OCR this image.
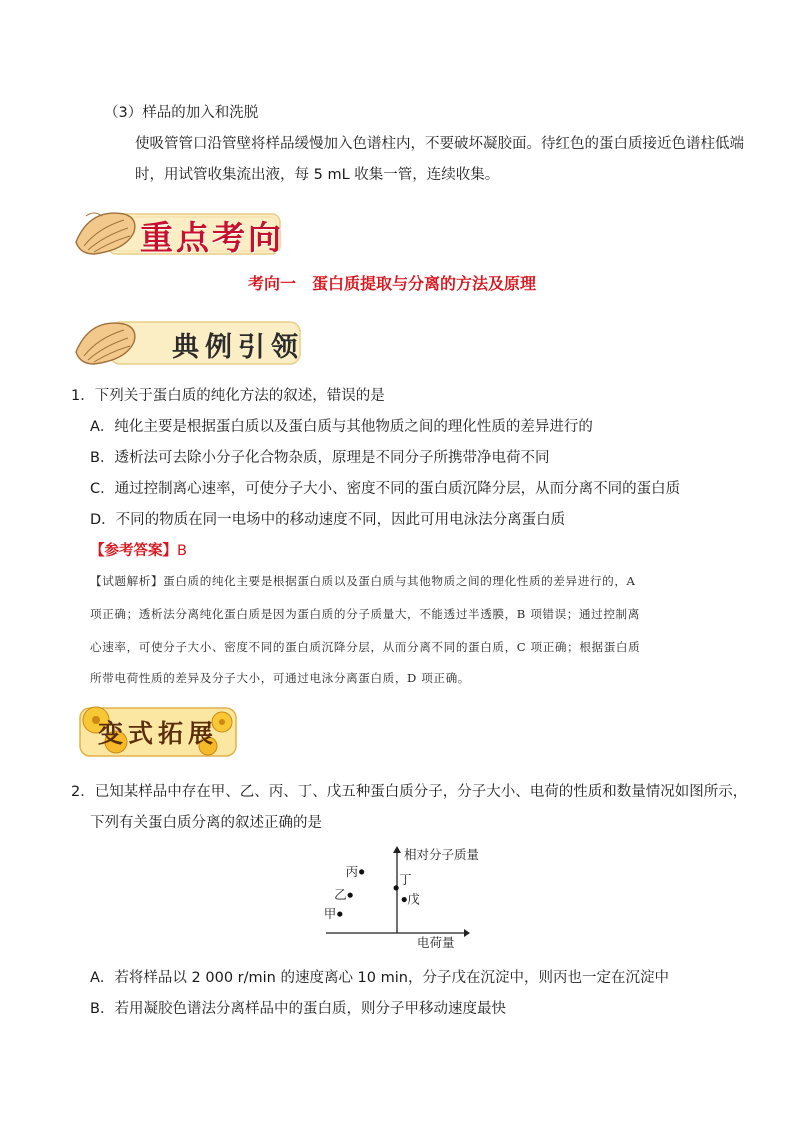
（3）样品的加入和洗脱
使吸管管口沿管壁将样品缓慢加入色谱柱内，不要破坏凝胶面。待红色的蛋白质接近色谱柱低端
时，用试管收集流出液，每 5 mL 收集一管，连续收集。
重点考向
考向一　蛋白质提取与分离的方法及原理
典例引领
1．下列关于蛋白质的纯化方法的叙述，错误的是
A．纯化主要是根据蛋白质以及蛋白质与其他物质之间的理化性质的差异进行的
B．透析法可去除小分子化合物杂质，原理是不同分子所携带净电荷不同
C．通过控制离心速率，可使分子大小、密度不同的蛋白质沉降分层，从而分离不同的蛋白质
D．不同的物质在同一电场中的移动速度不同，因此可用电泳法分离蛋白质
【参考答案】B
【试题解析】蛋白质的纯化主要是根据蛋白质以及蛋白质与其他物质之间的理化性质的差异进行的，A
项正确；透析法分离纯化蛋白质是因为蛋白质的分子质量大，不能透过半透膜，B 项错误；通过控制离
心速率，可使分子大小、密度不同的蛋白质沉降分层，从而分离不同的蛋白质，C 项正确；根据蛋白质
所带电荷性质的差异及分子大小，可通过电泳分离蛋白质，D 项正确。
变式拓展
2．已知某样品中存在甲、乙、丙、丁、戊五种蛋白质分子，分子大小、电荷的性质和数量情况如图所示，
下列有关蛋白质分离的叙述正确的是
相对分子质量
电荷量
甲
乙
丙
丁
戊
A．若将样品以 2 000 r/min 的速度离心 10 min，分子戊在沉淀中，则丙也一定在沉淀中
B．若用凝胶色谱法分离样品中的蛋白质，则分子甲移动速度最快
